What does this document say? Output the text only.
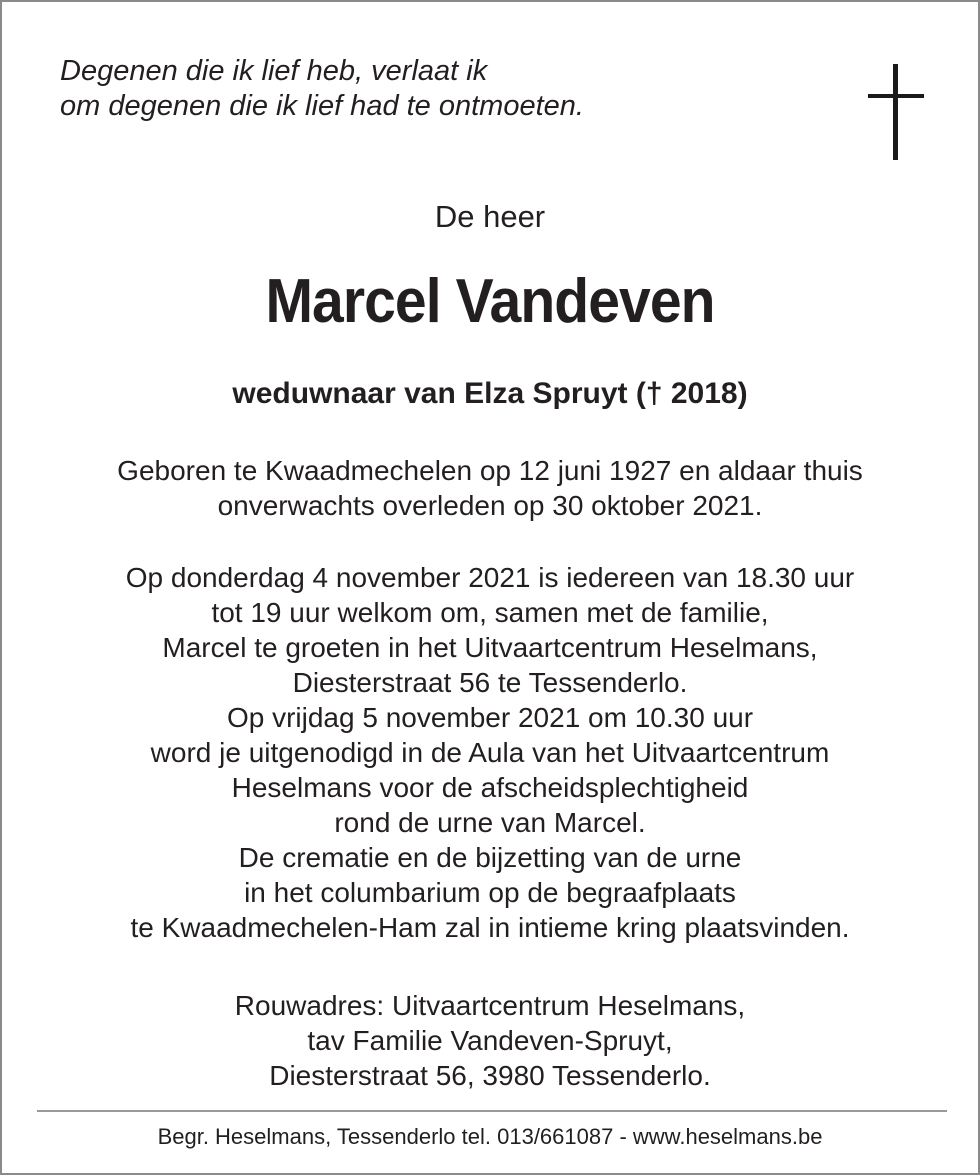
Degenen die ik lief heb, verlaat ik
om degenen die ik lief had te ontmoeten.
De heer
Marcel Vandeven
weduwnaar van Elza Spruyt († 2018)
Geboren te Kwaadmechelen op 12 juni 1927 en aldaar thuis
onverwachts overleden op 30 oktober 2021.
Op donderdag 4 november 2021 is iedereen van 18.30 uur
tot 19 uur welkom om, samen met de familie,
Marcel te groeten in het Uitvaartcentrum Heselmans,
Diesterstraat 56 te Tessenderlo.
Op vrijdag 5 november 2021 om 10.30 uur
word je uitgenodigd in de Aula van het Uitvaartcentrum
Heselmans voor de afscheidsplechtigheid
rond de urne van Marcel.
De crematie en de bijzetting van de urne
in het columbarium op de begraafplaats
te Kwaadmechelen-Ham zal in intieme kring plaatsvinden.
Rouwadres: Uitvaartcentrum Heselmans,
tav Familie Vandeven-Spruyt,
Diesterstraat 56, 3980 Tessenderlo.
Begr. Heselmans, Tessenderlo tel. 013/661087 - www.heselmans.be
